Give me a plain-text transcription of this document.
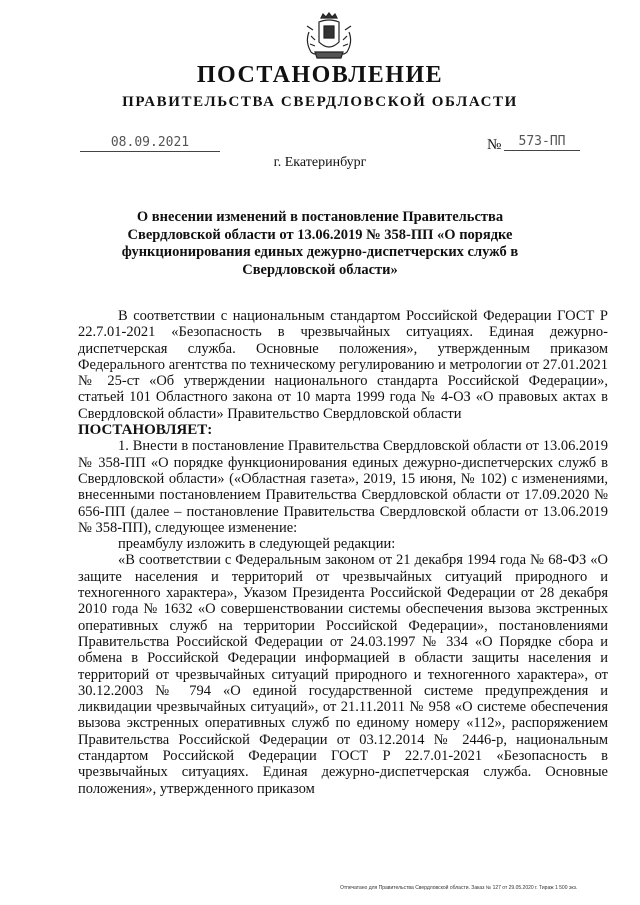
ПОСТАНОВЛЕНИЕ
ПРАВИТЕЛЬСТВА СВЕРДЛОВСКОЙ ОБЛАСТИ
08.09.2021	№	573-ПП
г. Екатеринбург
О внесении изменений в постановление Правительства Свердловской области от 13.06.2019 № 358-ПП «О порядке функционирования единых дежурно-диспетчерских служб в Свердловской области»

В соответствии с национальным стандартом Российской Федерации ГОСТ Р 22.7.01-2021 «Безопасность в чрезвычайных ситуациях. Единая дежурно-диспетчерская служба. Основные положения», утвержденным приказом Федерального агентства по техническому регулированию и метрологии от 27.01.2021 № 25-ст «Об утверждении национального стандарта Российской Федерации», статьей 101 Областного закона от 10 марта 1999 года № 4-ОЗ «О правовых актах в Свердловской области» Правительство Свердловской области

ПОСТАНОВЛЯЕТ:

1. Внести в постановление Правительства Свердловской области от 13.06.2019 № 358-ПП «О порядке функционирования единых дежурно-диспетчерских служб в Свердловской области» («Областная газета», 2019, 15 июня, № 102) с изменениями, внесенными постановлением Правительства Свердловской области от 17.09.2020 № 656-ПП (далее – постановление Правительства Свердловской области от 13.06.2019 № 358-ПП), следующее изменение:

преамбулу изложить в следующей редакции:

«В соответствии с Федеральным законом от 21 декабря 1994 года № 68-ФЗ «О защите населения и территорий от чрезвычайных ситуаций природного и техногенного характера», Указом Президента Российской Федерации от 28 декабря 2010 года № 1632 «О совершенствовании системы обеспечения вызова экстренных оперативных служб на территории Российской Федерации», постановлениями Правительства Российской Федерации от 24.03.1997 № 334 «О Порядке сбора и обмена в Российской Федерации информацией в области защиты населения и территорий от чрезвычайных ситуаций природного и техногенного характера», от 30.12.2003 № 794 «О единой государственной системе предупреждения и ликвидации чрезвычайных ситуаций», от 21.11.2011 № 958 «О системе обеспечения вызова экстренных оперативных служб по единому номеру «112», распоряжением Правительства Российской Федерации от 03.12.2014 № 2446-р, национальным стандартом Российской Федерации ГОСТ Р 22.7.01-2021 «Безопасность в чрезвычайных ситуациях. Единая дежурно-диспетчерская служба. Основные положения», утвержденного приказом

Отпечатано для Правительства Свердловской области. Заказ № 127 от 29.05.2020 г. Тираж 1 500 экз.
